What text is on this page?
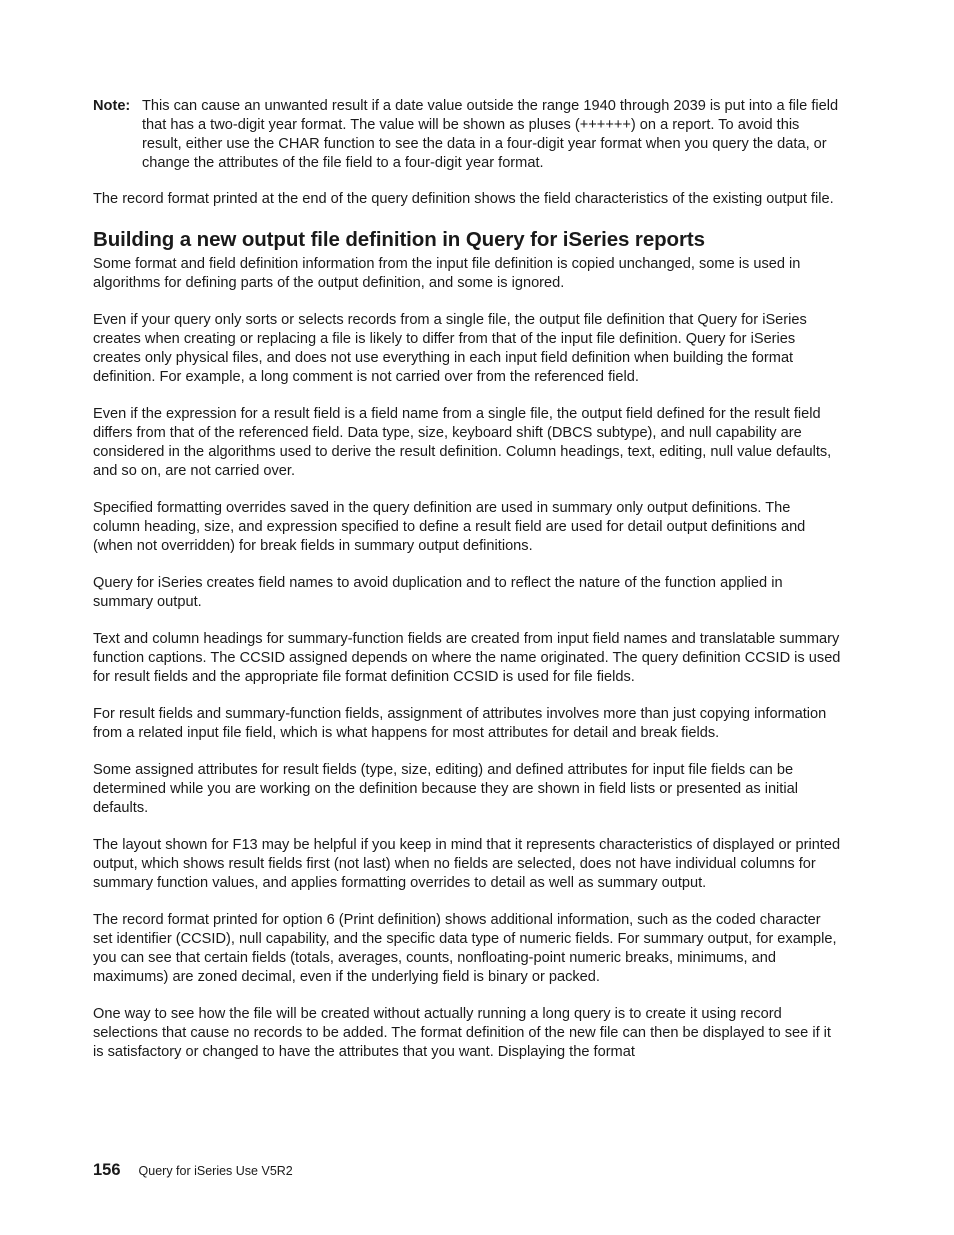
Note: This can cause an unwanted result if a date value outside the range 1940 through 2039 is put into a file field that has a two-digit year format. The value will be shown as pluses (++++++) on a report. To avoid this result, either use the CHAR function to see the data in a four-digit year format when you query the data, or change the attributes of the file field to a four-digit year format.

The record format printed at the end of the query definition shows the field characteristics of the existing output file.

Building a new output file definition in Query for iSeries reports

Some format and field definition information from the input file definition is copied unchanged, some is used in algorithms for defining parts of the output definition, and some is ignored.

Even if your query only sorts or selects records from a single file, the output file definition that Query for iSeries creates when creating or replacing a file is likely to differ from that of the input file definition. Query for iSeries creates only physical files, and does not use everything in each input field definition when building the format definition. For example, a long comment is not carried over from the referenced field.

Even if the expression for a result field is a field name from a single file, the output field defined for the result field differs from that of the referenced field. Data type, size, keyboard shift (DBCS subtype), and null capability are considered in the algorithms used to derive the result definition. Column headings, text, editing, null value defaults, and so on, are not carried over.

Specified formatting overrides saved in the query definition are used in summary only output definitions. The column heading, size, and expression specified to define a result field are used for detail output definitions and (when not overridden) for break fields in summary output definitions.

Query for iSeries creates field names to avoid duplication and to reflect the nature of the function applied in summary output.

Text and column headings for summary-function fields are created from input field names and translatable summary function captions. The CCSID assigned depends on where the name originated. The query definition CCSID is used for result fields and the appropriate file format definition CCSID is used for file fields.

For result fields and summary-function fields, assignment of attributes involves more than just copying information from a related input file field, which is what happens for most attributes for detail and break fields.

Some assigned attributes for result fields (type, size, editing) and defined attributes for input file fields can be determined while you are working on the definition because they are shown in field lists or presented as initial defaults.

The layout shown for F13 may be helpful if you keep in mind that it represents characteristics of displayed or printed output, which shows result fields first (not last) when no fields are selected, does not have individual columns for summary function values, and applies formatting overrides to detail as well as summary output.

The record format printed for option 6 (Print definition) shows additional information, such as the coded character set identifier (CCSID), null capability, and the specific data type of numeric fields. For summary output, for example, you can see that certain fields (totals, averages, counts, nonfloating-point numeric breaks, minimums, and maximums) are zoned decimal, even if the underlying field is binary or packed.

One way to see how the file will be created without actually running a long query is to create it using record selections that cause no records to be added. The format definition of the new file can then be displayed to see if it is satisfactory or changed to have the attributes that you want. Displaying the format

156 Query for iSeries Use V5R2
